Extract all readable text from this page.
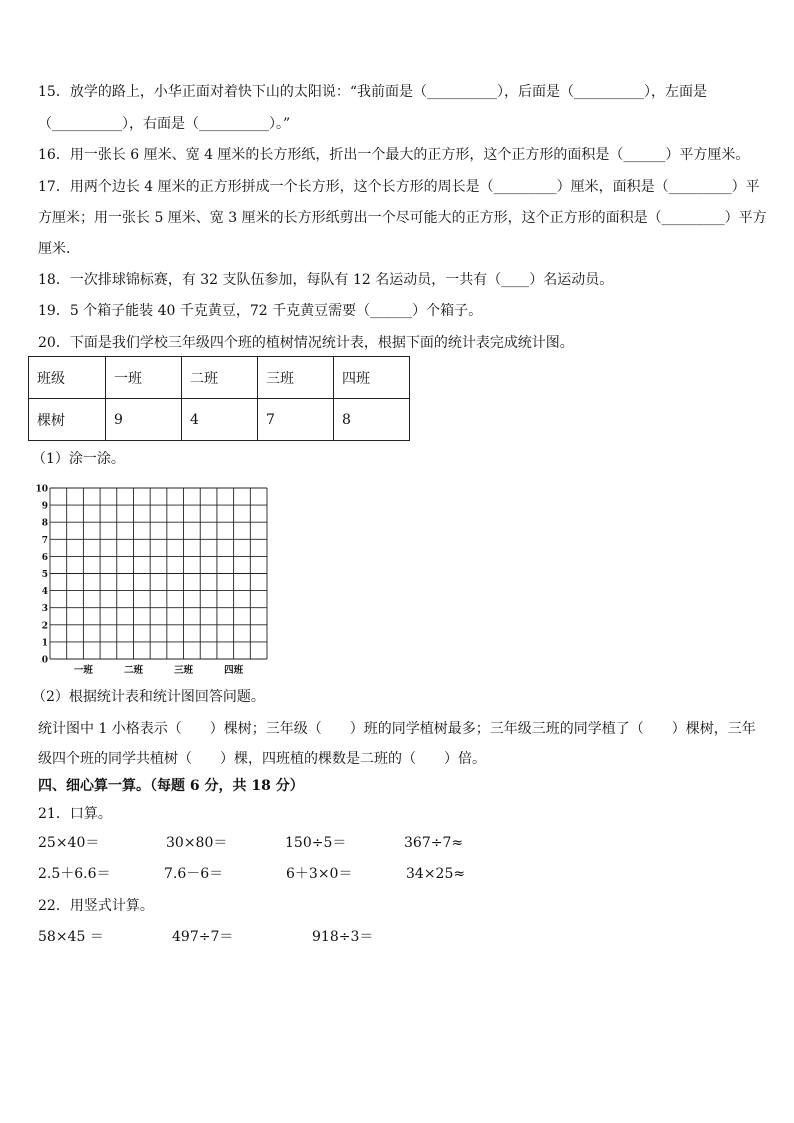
15．放学的路上，小华正面对着快下山的太阳说：“我前面是（__________），后面是（__________），左面是
（__________），右面是（__________）。”
16．用一张长 6 厘米、宽 4 厘米的长方形纸，折出一个最大的正方形，这个正方形的面积是（______）平方厘米。
17．用两个边长 4 厘米的正方形拼成一个长方形，这个长方形的周长是（_________）厘米，面积是（_________）平
方厘米；用一张长 5 厘米、宽 3 厘米的长方形纸剪出一个尽可能大的正方形，这个正方形的面积是（_________）平方
厘米．
18．一次排球锦标赛，有 32 支队伍参加，每队有 12 名运动员，一共有（____）名运动员。
19．5 个箱子能装 40 千克黄豆，72 千克黄豆需要（______）个箱子。
20．下面是我们学校三年级四个班的植树情况统计表，根据下面的统计表完成统计图。
班级	一班	二班	三班	四班
棵树	9	4	7	8
（1）涂一涂。
0
1
2
3
4
5
6
7
8
9
10
一班	二班	三班	四班
（2）根据统计表和统计图回答问题。
统计图中 1 小格表示（　　）棵树；三年级（　　）班的同学植树最多；三年级三班的同学植了（　　）棵树，三年
级四个班的同学共植树（　　）棵，四班植的棵数是二班的（　　）倍。
四、细心算一算。（每题 6 分，共 18 分）
21．口算。
25×40＝	30×80＝	150÷5＝	367÷7≈
2.5＋6.6＝	7.6－6＝	6＋3×0＝	34×25≈
22．用竖式计算。
58×45 ＝	497÷7＝	918÷3＝
